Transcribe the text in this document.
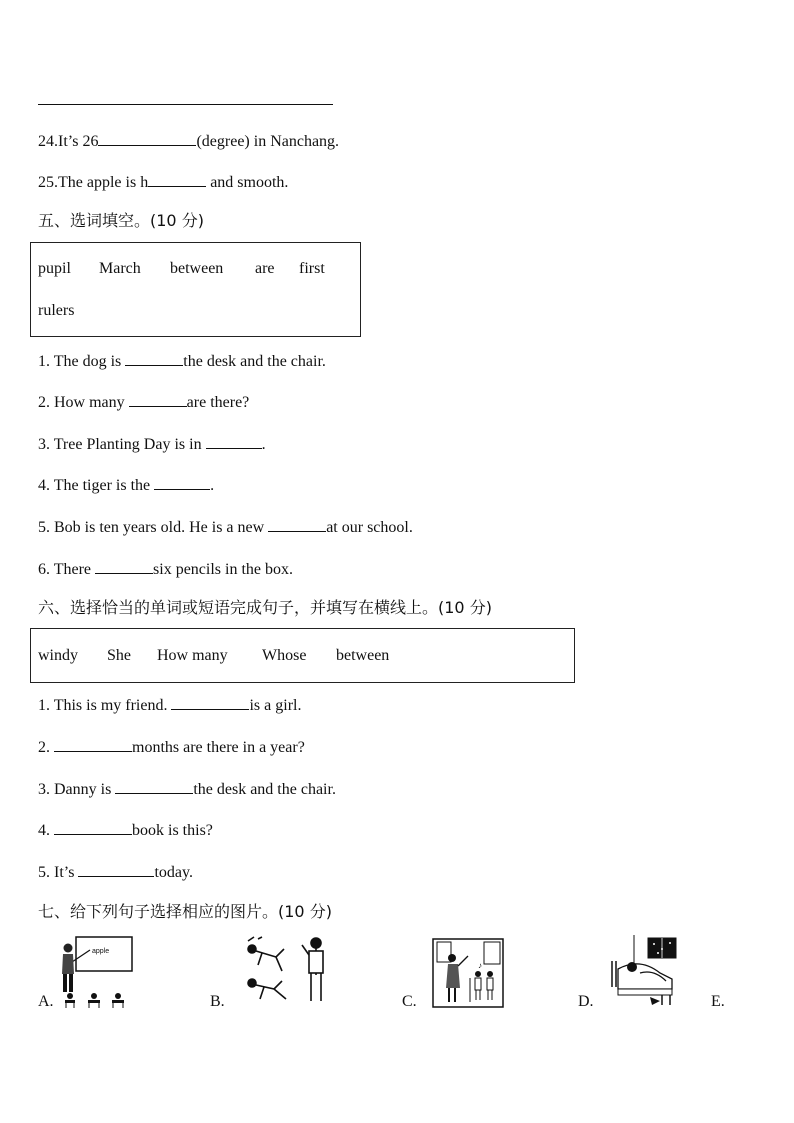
24.It’s 26	(degree) in Nanchang.
25.The apple is h	and smooth.
五、选词填空。(10 分)
pupil March between are first
rulers
1. The dog is	the desk and the chair.
2. How many	are there?
3. Tree Planting Day is in	.
4. The tiger is the	.
5. Bob is ten years old. He is a new	at our school.
6. There	six pencils in the box.
六、选择恰当的单词或短语完成句子，并填写在横线上。(10 分)
windy She How many Whose between
1. This is my friend.	is a girl.
2.	months are there in a year?
3. Danny is	the desk and the chair.
4.	book is this?
5. It’s	today.
七、给下列句子选择相应的图片。(10 分)
A.	B.	C.	D.	E.
apple
♪
